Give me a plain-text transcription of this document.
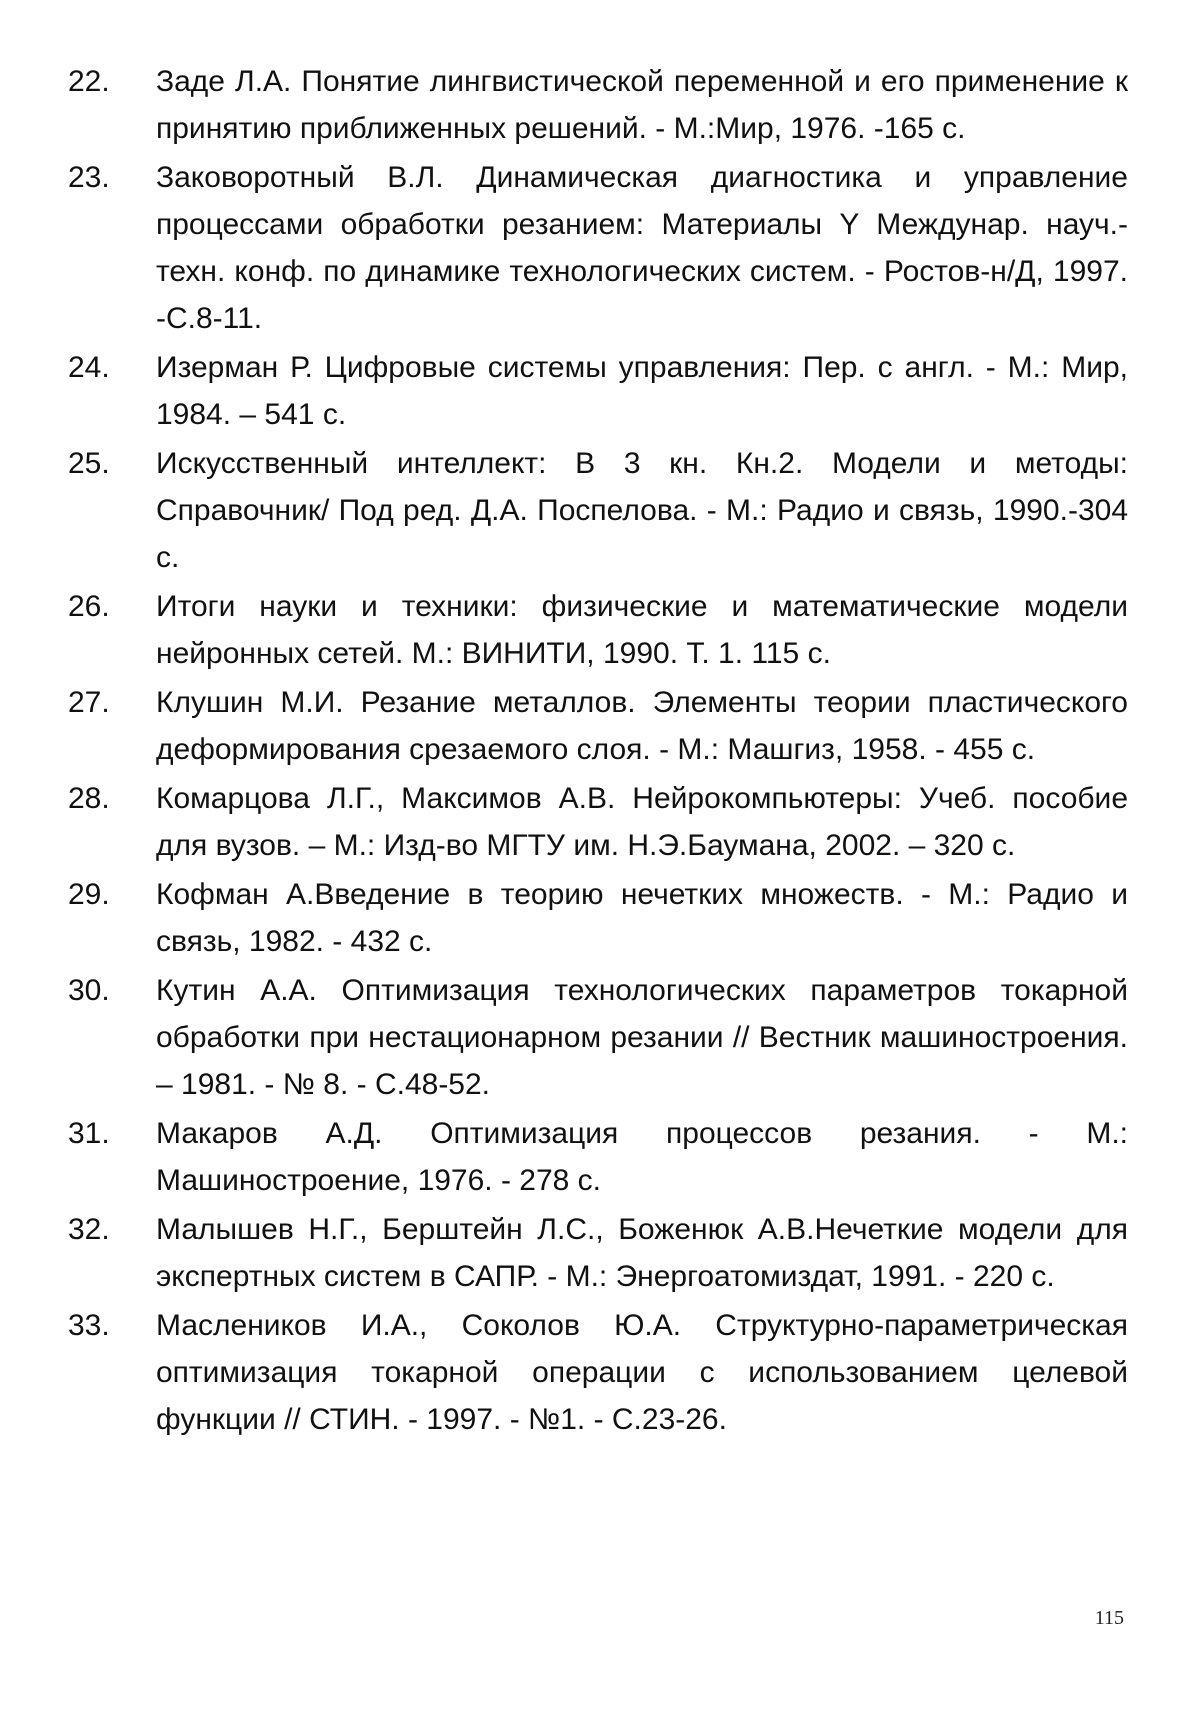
22.	Заде Л.А. Понятие лингвистической переменной и его применение к принятию приближенных решений. - М.:Мир, 1976. -165 с.
23.	Заковоротный В.Л. Динамическая диагностика и управление процессами обработки резанием: Материалы Y Междунар. науч.-техн. конф. по динамике технологических систем. - Ростов-н/Д, 1997. -С.8-11.
24.	Изерман Р. Цифровые системы управления: Пер. с англ. - М.: Мир, 1984. – 541 с.
25.	Искусственный интеллект: В 3 кн. Кн.2. Модели и методы: Справочник/ Под ред. Д.А. Поспелова. - М.: Радио и связь, 1990.-304 с.
26.	Итоги науки и техники: физические и математические модели нейронных сетей. М.: ВИНИТИ, 1990. Т. 1. 115 с.
27.	Клушин М.И. Резание металлов. Элементы теории пластического деформирования срезаемого слоя. - М.: Машгиз, 1958. - 455 с.
28.	Комарцова Л.Г., Максимов А.В. Нейрокомпьютеры: Учеб. пособие для вузов. – М.: Изд-во МГТУ им. Н.Э.Баумана, 2002. – 320 с.
29.	Кофман А.Введение в теорию нечетких множеств. - М.: Радио и связь, 1982. - 432 с.
30.	Кутин А.А. Оптимизация технологических параметров токарной обработки при нестационарном резании // Вестник машиностроения. – 1981. - № 8. - С.48-52.
31.	Макаров А.Д. Оптимизация процессов резания. - М.: Машиностроение, 1976. - 278 с.
32.	Малышев Н.Г., Берштейн Л.С., Боженюк А.В.Нечеткие модели для экспертных систем в САПР. - М.: Энергоатомиздат, 1991. - 220 с.
33.	Маслеников И.А., Соколов Ю.А. Структурно-параметрическая оптимизация токарной операции с использованием целевой функции // СТИН. - 1997. - №1. - С.23-26.
115
